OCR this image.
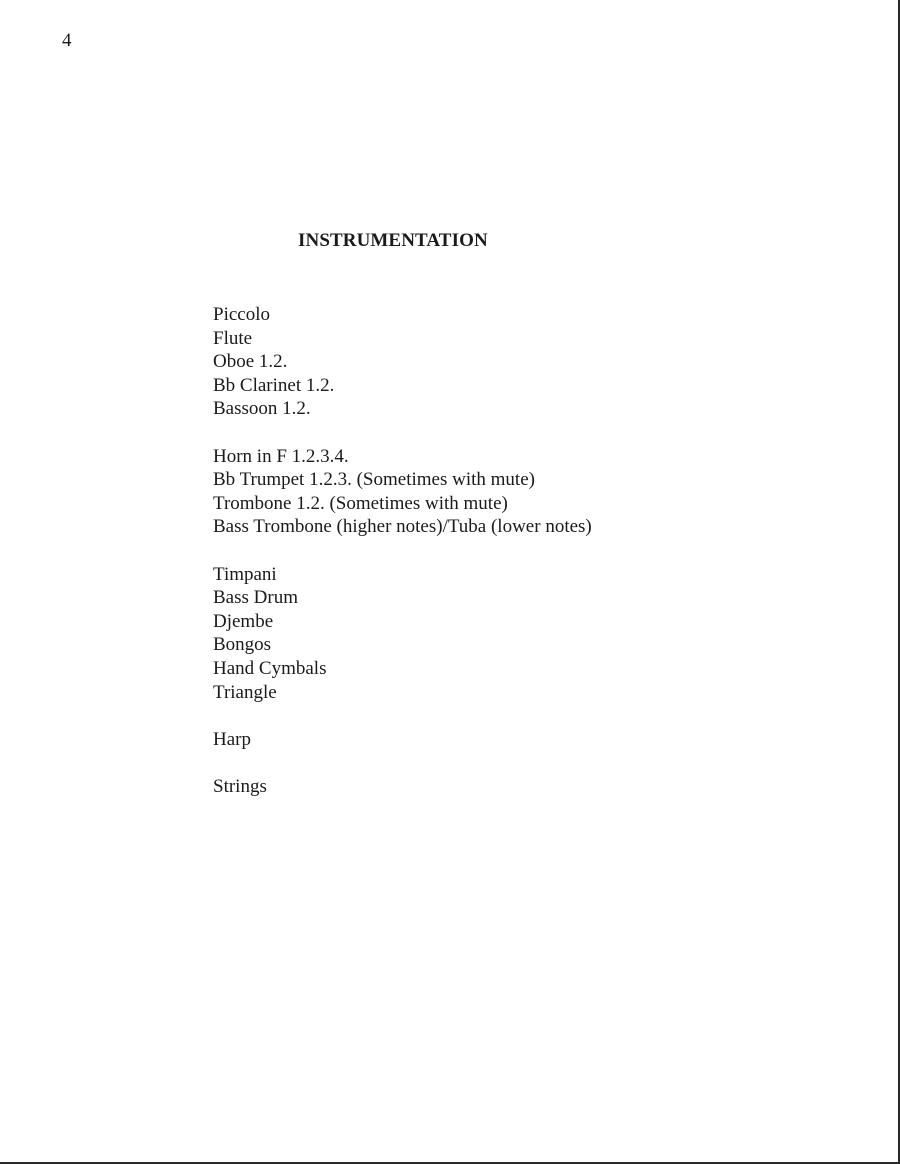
4
INSTRUMENTATION
Piccolo
Flute
Oboe 1.2.
Bb Clarinet 1.2.
Bassoon 1.2.
Horn in F 1.2.3.4.
Bb Trumpet 1.2.3. (Sometimes with mute)
Trombone 1.2. (Sometimes with mute)
Bass Trombone (higher notes)/Tuba (lower notes)
Timpani
Bass Drum
Djembe
Bongos
Hand Cymbals
Triangle
Harp
Strings
